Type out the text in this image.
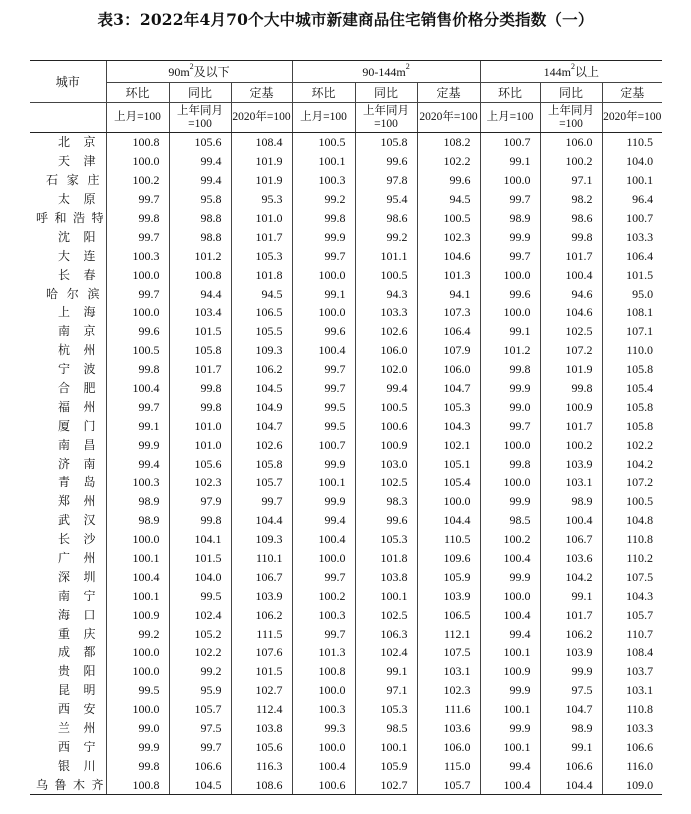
表3：2022年4月70个大中城市新建商品住宅销售价格分类指数（一）
城市	$90m^2$及以下			$90-144m^2$			$144m^2$以上		
	环比	同比	定基	环比	同比	定基	环比	同比	定基
	上月=100	上年同月=100	2020年=100	上月=100	上年同月=100	2020年=100	上月=100	上年同月=100	2020年=100
北京	100.8	105.6	108.4	100.5	105.8	108.2	100.7	106.0	110.5
天津	100.0	99.4	101.9	100.1	99.6	102.2	99.1	100.2	104.0
石家庄	100.2	99.4	101.9	100.3	97.8	99.6	100.0	97.1	100.1
太原	99.7	95.8	95.3	99.2	95.4	94.5	99.7	98.2	96.4
呼和浩特	99.8	98.8	101.0	99.8	98.6	100.5	98.9	98.6	100.7
沈阳	99.7	98.8	101.7	99.9	99.2	102.3	99.9	99.8	103.3
大连	100.3	101.2	105.3	99.7	101.1	104.6	99.7	101.7	106.4
长春	100.0	100.8	101.8	100.0	100.5	101.3	100.0	100.4	101.5
哈尔滨	99.7	94.4	94.5	99.1	94.3	94.1	99.6	94.6	95.0
上海	100.0	103.4	106.5	100.0	103.3	107.3	100.0	104.6	108.1
南京	99.6	101.5	105.5	99.6	102.6	106.4	99.1	102.5	107.1
杭州	100.5	105.8	109.3	100.4	106.0	107.9	101.2	107.2	110.0
宁波	99.8	101.7	106.2	99.7	102.0	106.0	99.8	101.9	105.8
合肥	100.4	99.8	104.5	99.7	99.4	104.7	99.9	99.8	105.4
福州	99.7	99.8	104.9	99.5	100.5	105.3	99.0	100.9	105.8
厦门	99.1	101.0	104.7	99.5	100.6	104.3	99.7	101.7	105.8
南昌	99.9	101.0	102.6	100.7	100.9	102.1	100.0	100.2	102.2
济南	99.4	105.6	105.8	99.9	103.0	105.1	99.8	103.9	104.2
青岛	100.3	102.3	105.7	100.1	102.5	105.4	100.0	103.1	107.2
郑州	98.9	97.9	99.7	99.9	98.3	100.0	99.9	98.9	100.5
武汉	98.9	99.8	104.4	99.4	99.6	104.4	98.5	100.4	104.8
长沙	100.0	104.1	109.3	100.4	105.3	110.5	100.2	106.7	110.8
广州	100.1	101.5	110.1	100.0	101.8	109.6	100.4	103.6	110.2
深圳	100.4	104.0	106.7	99.7	103.8	105.9	99.9	104.2	107.5
南宁	100.1	99.5	103.9	100.2	100.1	103.9	100.0	99.1	104.3
海口	100.9	102.4	106.2	100.3	102.5	106.5	100.4	101.7	105.7
重庆	99.2	105.2	111.5	99.7	106.3	112.1	99.4	106.2	110.7
成都	100.0	102.2	107.6	101.3	102.4	107.5	100.1	103.9	108.4
贵阳	100.0	99.2	101.5	100.8	99.1	103.1	100.9	99.9	103.7
昆明	99.5	95.9	102.7	100.0	97.1	102.3	99.9	97.5	103.1
西安	100.0	105.7	112.4	100.3	105.3	111.6	100.1	104.7	110.8
兰州	99.0	97.5	103.8	99.3	98.5	103.6	99.9	98.9	103.3
西宁	99.9	99.7	105.6	100.0	100.1	106.0	100.1	99.1	106.6
银川	99.8	106.6	116.3	100.4	105.9	115.0	99.4	106.6	116.0
乌鲁木齐	100.8	104.5	108.6	100.6	102.7	105.7	100.4	104.4	109.0
